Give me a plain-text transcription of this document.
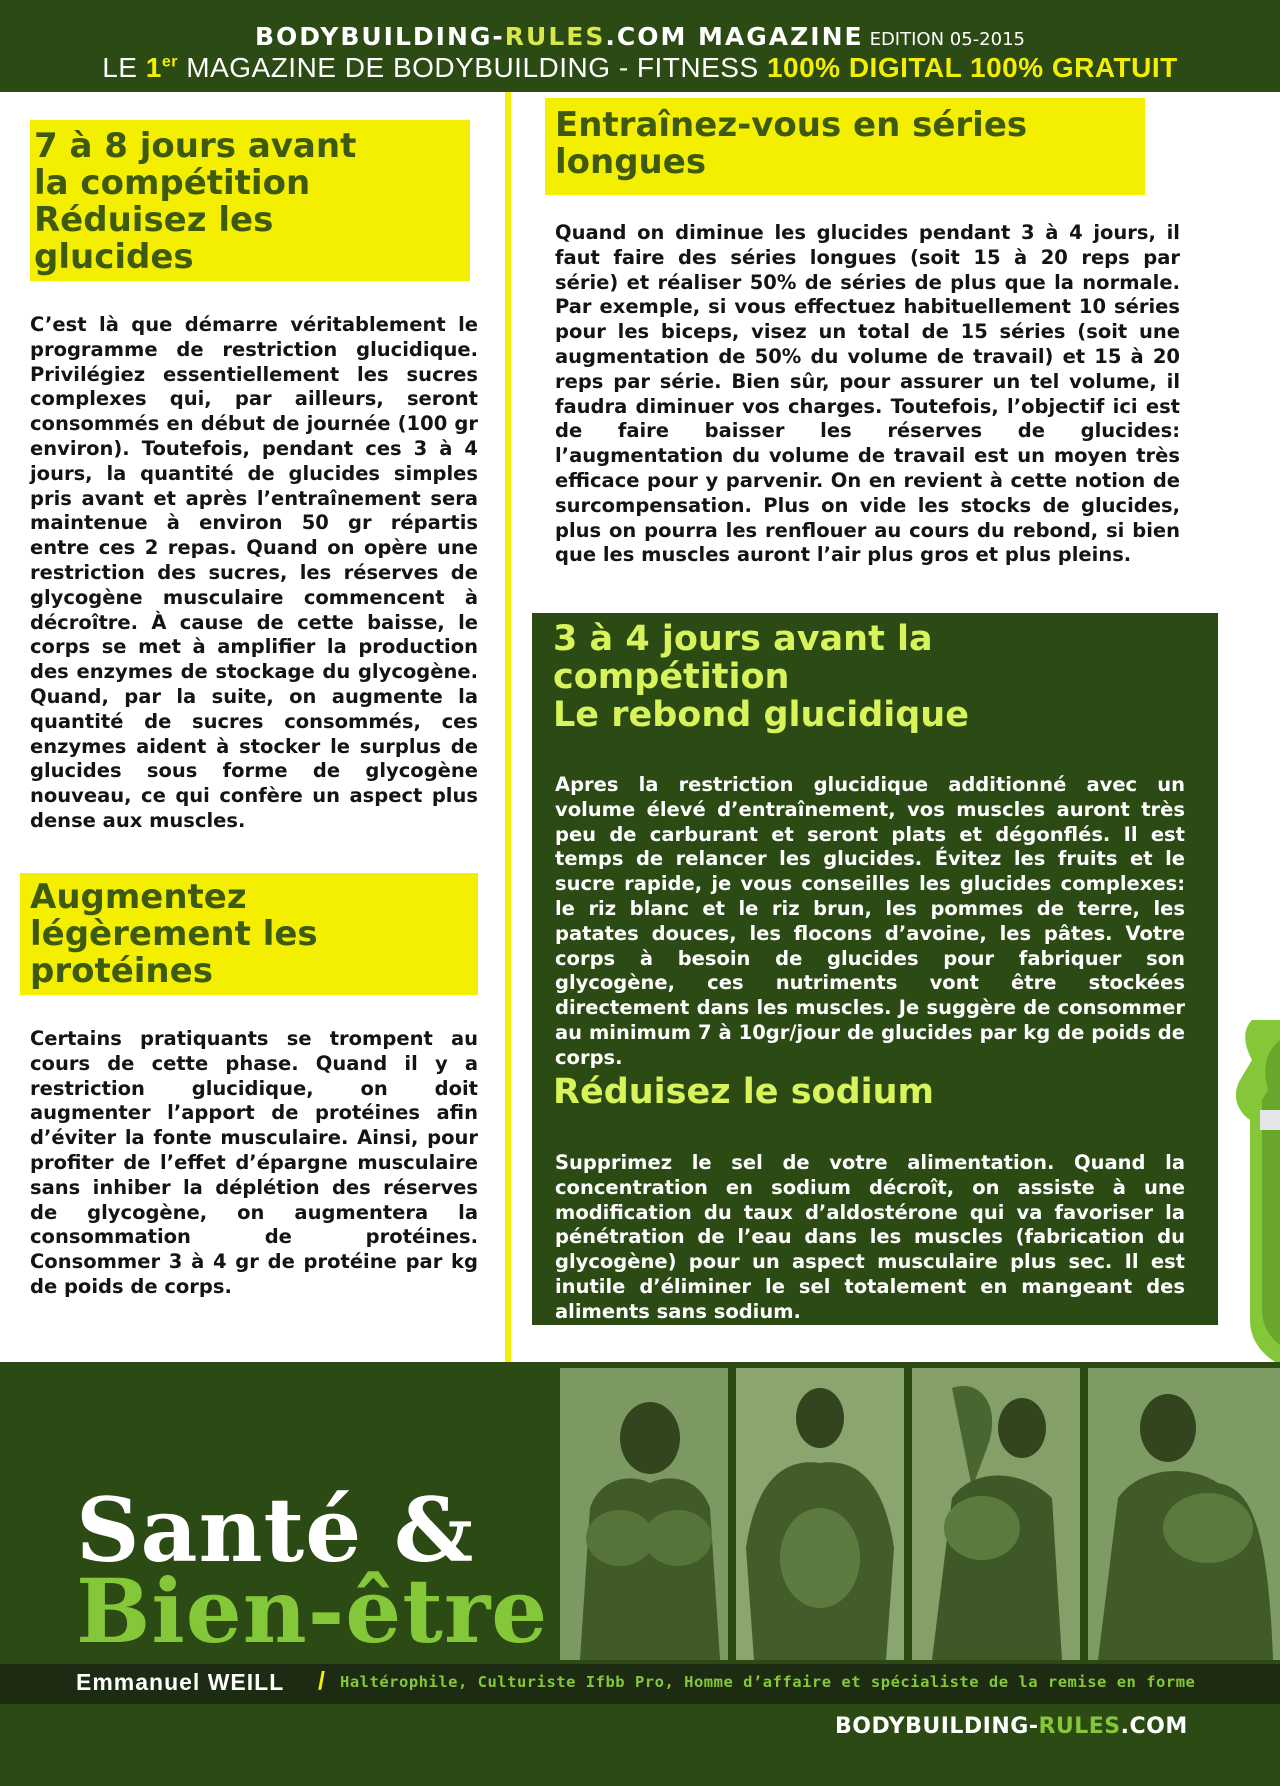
BODYBUILDING-RULES.COM MAGAZINE EDITION 05-2015
LE 1er MAGAZINE DE BODYBUILDING - FITNESS 100% DIGITAL 100% GRATUIT
7 à 8 jours avant
la compétition
Réduisez les
glucides
C’est là que démarre véritablement le programme de restriction glucidique. Privilégiez essentiellement les sucres complexes qui, par ailleurs, seront consommés en début de journée (100 gr environ). Toutefois, pendant ces 3 à 4 jours, la quantité de glucides simples pris avant et après l’entraînement sera maintenue à environ 50 gr répartis entre ces 2 repas. Quand on opère une restriction des sucres, les réserves de glycogène musculaire commencent à décroître. À cause de cette baisse, le corps se met à amplifier la production des enzymes de stockage du glycogène. Quand, par la suite, on augmente la quantité de sucres consommés, ces enzymes aident à stocker le surplus de glucides sous forme de glycogène nouveau, ce qui confère un aspect plus dense aux muscles.
Augmentez
légèrement les
protéines
Certains pratiquants se trompent au cours de cette phase. Quand il y a restriction glucidique, on doit augmenter l’apport de protéines afin d’éviter la fonte musculaire. Ainsi, pour profiter de l’effet d’épargne musculaire sans inhiber la déplétion des réserves de glycogène, on augmentera la consommation de protéines. Consommer 3 à 4 gr de protéine par kg de poids de corps.
Entraînez-vous en séries
longues
Quand on diminue les glucides pendant 3 à 4 jours, il faut faire des séries longues (soit 15 à 20 reps par série) et réaliser 50% de séries de plus que la normale. Par exemple, si vous effectuez habituellement 10 séries pour les biceps, visez un total de 15 séries (soit une augmentation de 50% du volume de travail) et 15 à 20 reps par série. Bien sûr, pour assurer un tel volume, il faudra diminuer vos charges. Toutefois, l’objectif ici est de faire baisser les réserves de glucides: l’augmentation du volume de travail est un moyen très efficace pour y parvenir. On en revient à cette notion de surcompensation. Plus on vide les stocks de glucides, plus on pourra les renflouer au cours du rebond, si bien que les muscles auront l’air plus gros et plus pleins.
3 à 4 jours avant la
compétition
Le rebond glucidique
Apres la restriction glucidique additionné avec un volume élevé d’entraînement, vos muscles auront très peu de carburant et seront plats et dégonflés. Il est temps de relancer les glucides. Évitez les fruits et le sucre rapide, je vous conseilles les glucides complexes: le riz blanc et le riz brun, les pommes de terre, les patates douces, les flocons d’avoine, les pâtes. Votre corps à besoin de glucides pour fabriquer son glycogène, ces nutriments vont être stockées directement dans les muscles. Je suggère de consommer au minimum 7 à 10gr/jour de glucides par kg de poids de corps.
Réduisez le sodium
Supprimez le sel de votre alimentation. Quand la concentration en sodium décroît, on assiste à une modification du taux d’aldostérone qui va favoriser la pénétration de l’eau dans les muscles (fabrication du glycogène) pour un aspect musculaire plus sec. Il est inutile d’éliminer le sel totalement en mangeant des aliments sans sodium.
Santé &
Bien-être
Emmanuel WEILL / Haltérophile, Culturiste Ifbb Pro, Homme d’affaire et spécialiste de la remise en forme
BODYBUILDING-RULES.COM
